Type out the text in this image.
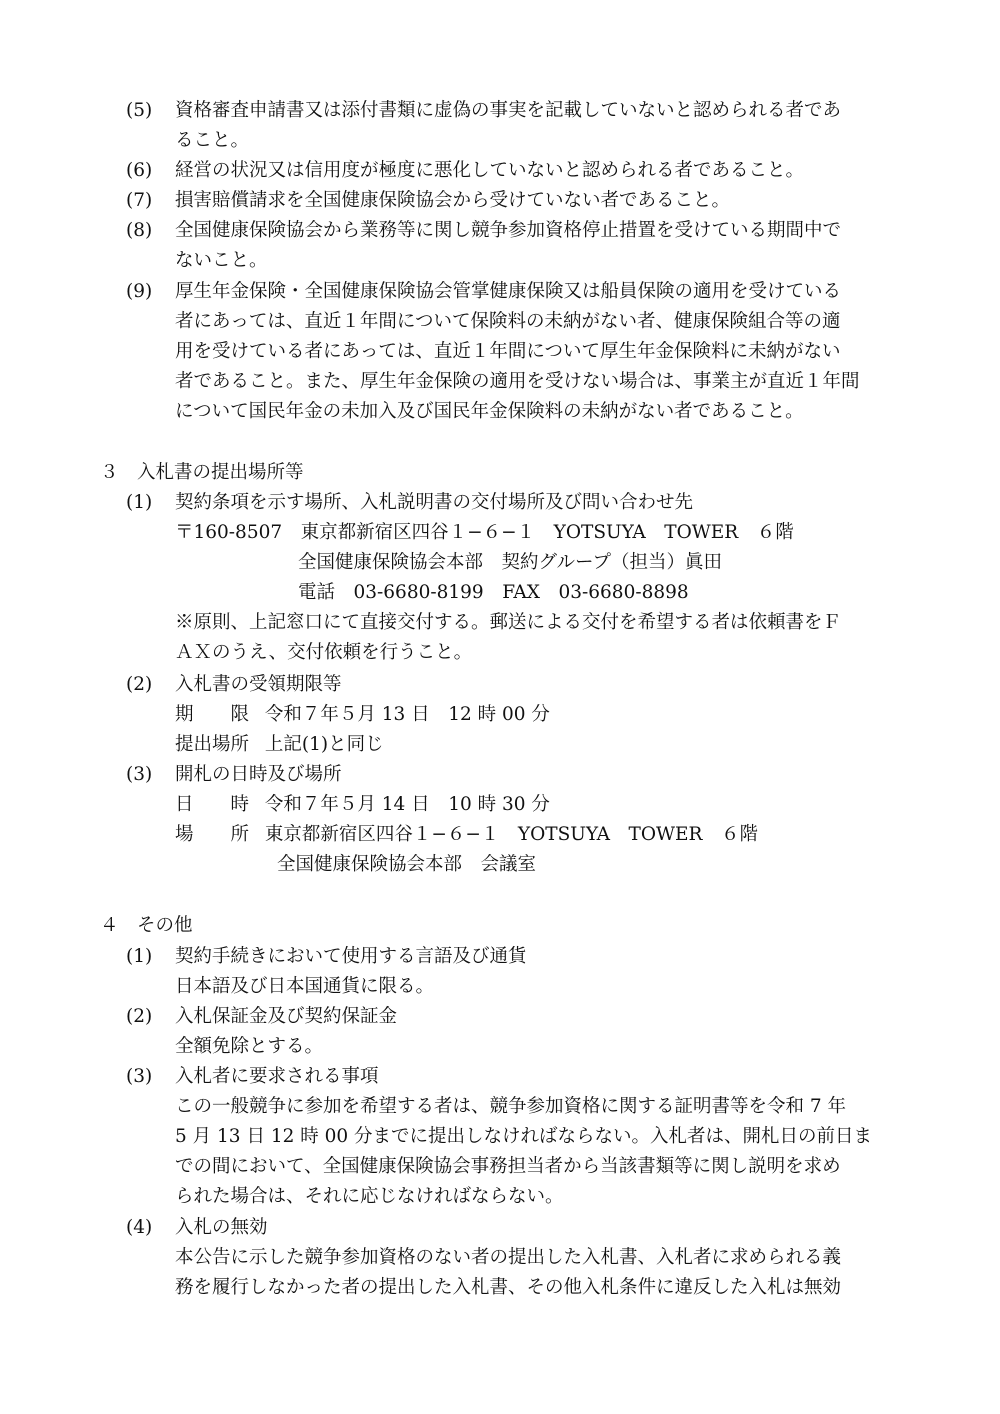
(5) 資格審査申請書又は添付書類に虚偽の事実を記載していないと認められる者であ
ること。
(6) 経営の状況又は信用度が極度に悪化していないと認められる者であること。
(7) 損害賠償請求を全国健康保険協会から受けていない者であること。
(8) 全国健康保険協会から業務等に関し競争参加資格停止措置を受けている期間中で
ないこと。
(9) 厚生年金保険・全国健康保険協会管掌健康保険又は船員保険の適用を受けている
者にあっては、直近１年間について保険料の未納がない者、健康保険組合等の適
用を受けている者にあっては、直近１年間について厚生年金保険料に未納がない
者であること。また、厚生年金保険の適用を受けない場合は、事業主が直近１年間
について国民年金の未加入及び国民年金保険料の未納がない者であること。
３　入札書の提出場所等
(1) 契約条項を示す場所、入札説明書の交付場所及び問い合わせ先
〒160-8507　東京都新宿区四谷１−６−１　YOTSUYA　TOWER　６階
全国健康保険協会本部　契約グループ（担当）眞田
電話　03-6680-8199　FAX　03-6680-8898
※原則、上記窓口にて直接交付する。郵送による交付を希望する者は依頼書をＦ
ＡＸのうえ、交付依頼を行うこと。
(2) 入札書の受領期限等
期　　限 令和７年５月 13 日　12 時 00 分
提出場所 上記(1)と同じ
(3) 開札の日時及び場所
日　　時 令和７年５月 14 日　10 時 30 分
場　　所 東京都新宿区四谷１−６−１　YOTSUYA　TOWER　６階
全国健康保険協会本部　会議室
４　その他
(1) 契約手続きにおいて使用する言語及び通貨
日本語及び日本国通貨に限る。
(2) 入札保証金及び契約保証金
全額免除とする。
(3) 入札者に要求される事項
この一般競争に参加を希望する者は、競争参加資格に関する証明書等を令和 7 年
5 月 13 日 12 時 00 分までに提出しなければならない。入札者は、開札日の前日ま
での間において、全国健康保険協会事務担当者から当該書類等に関し説明を求め
られた場合は、それに応じなければならない。
(4) 入札の無効
本公告に示した競争参加資格のない者の提出した入札書、入札者に求められる義
務を履行しなかった者の提出した入札書、その他入札条件に違反した入札は無効
